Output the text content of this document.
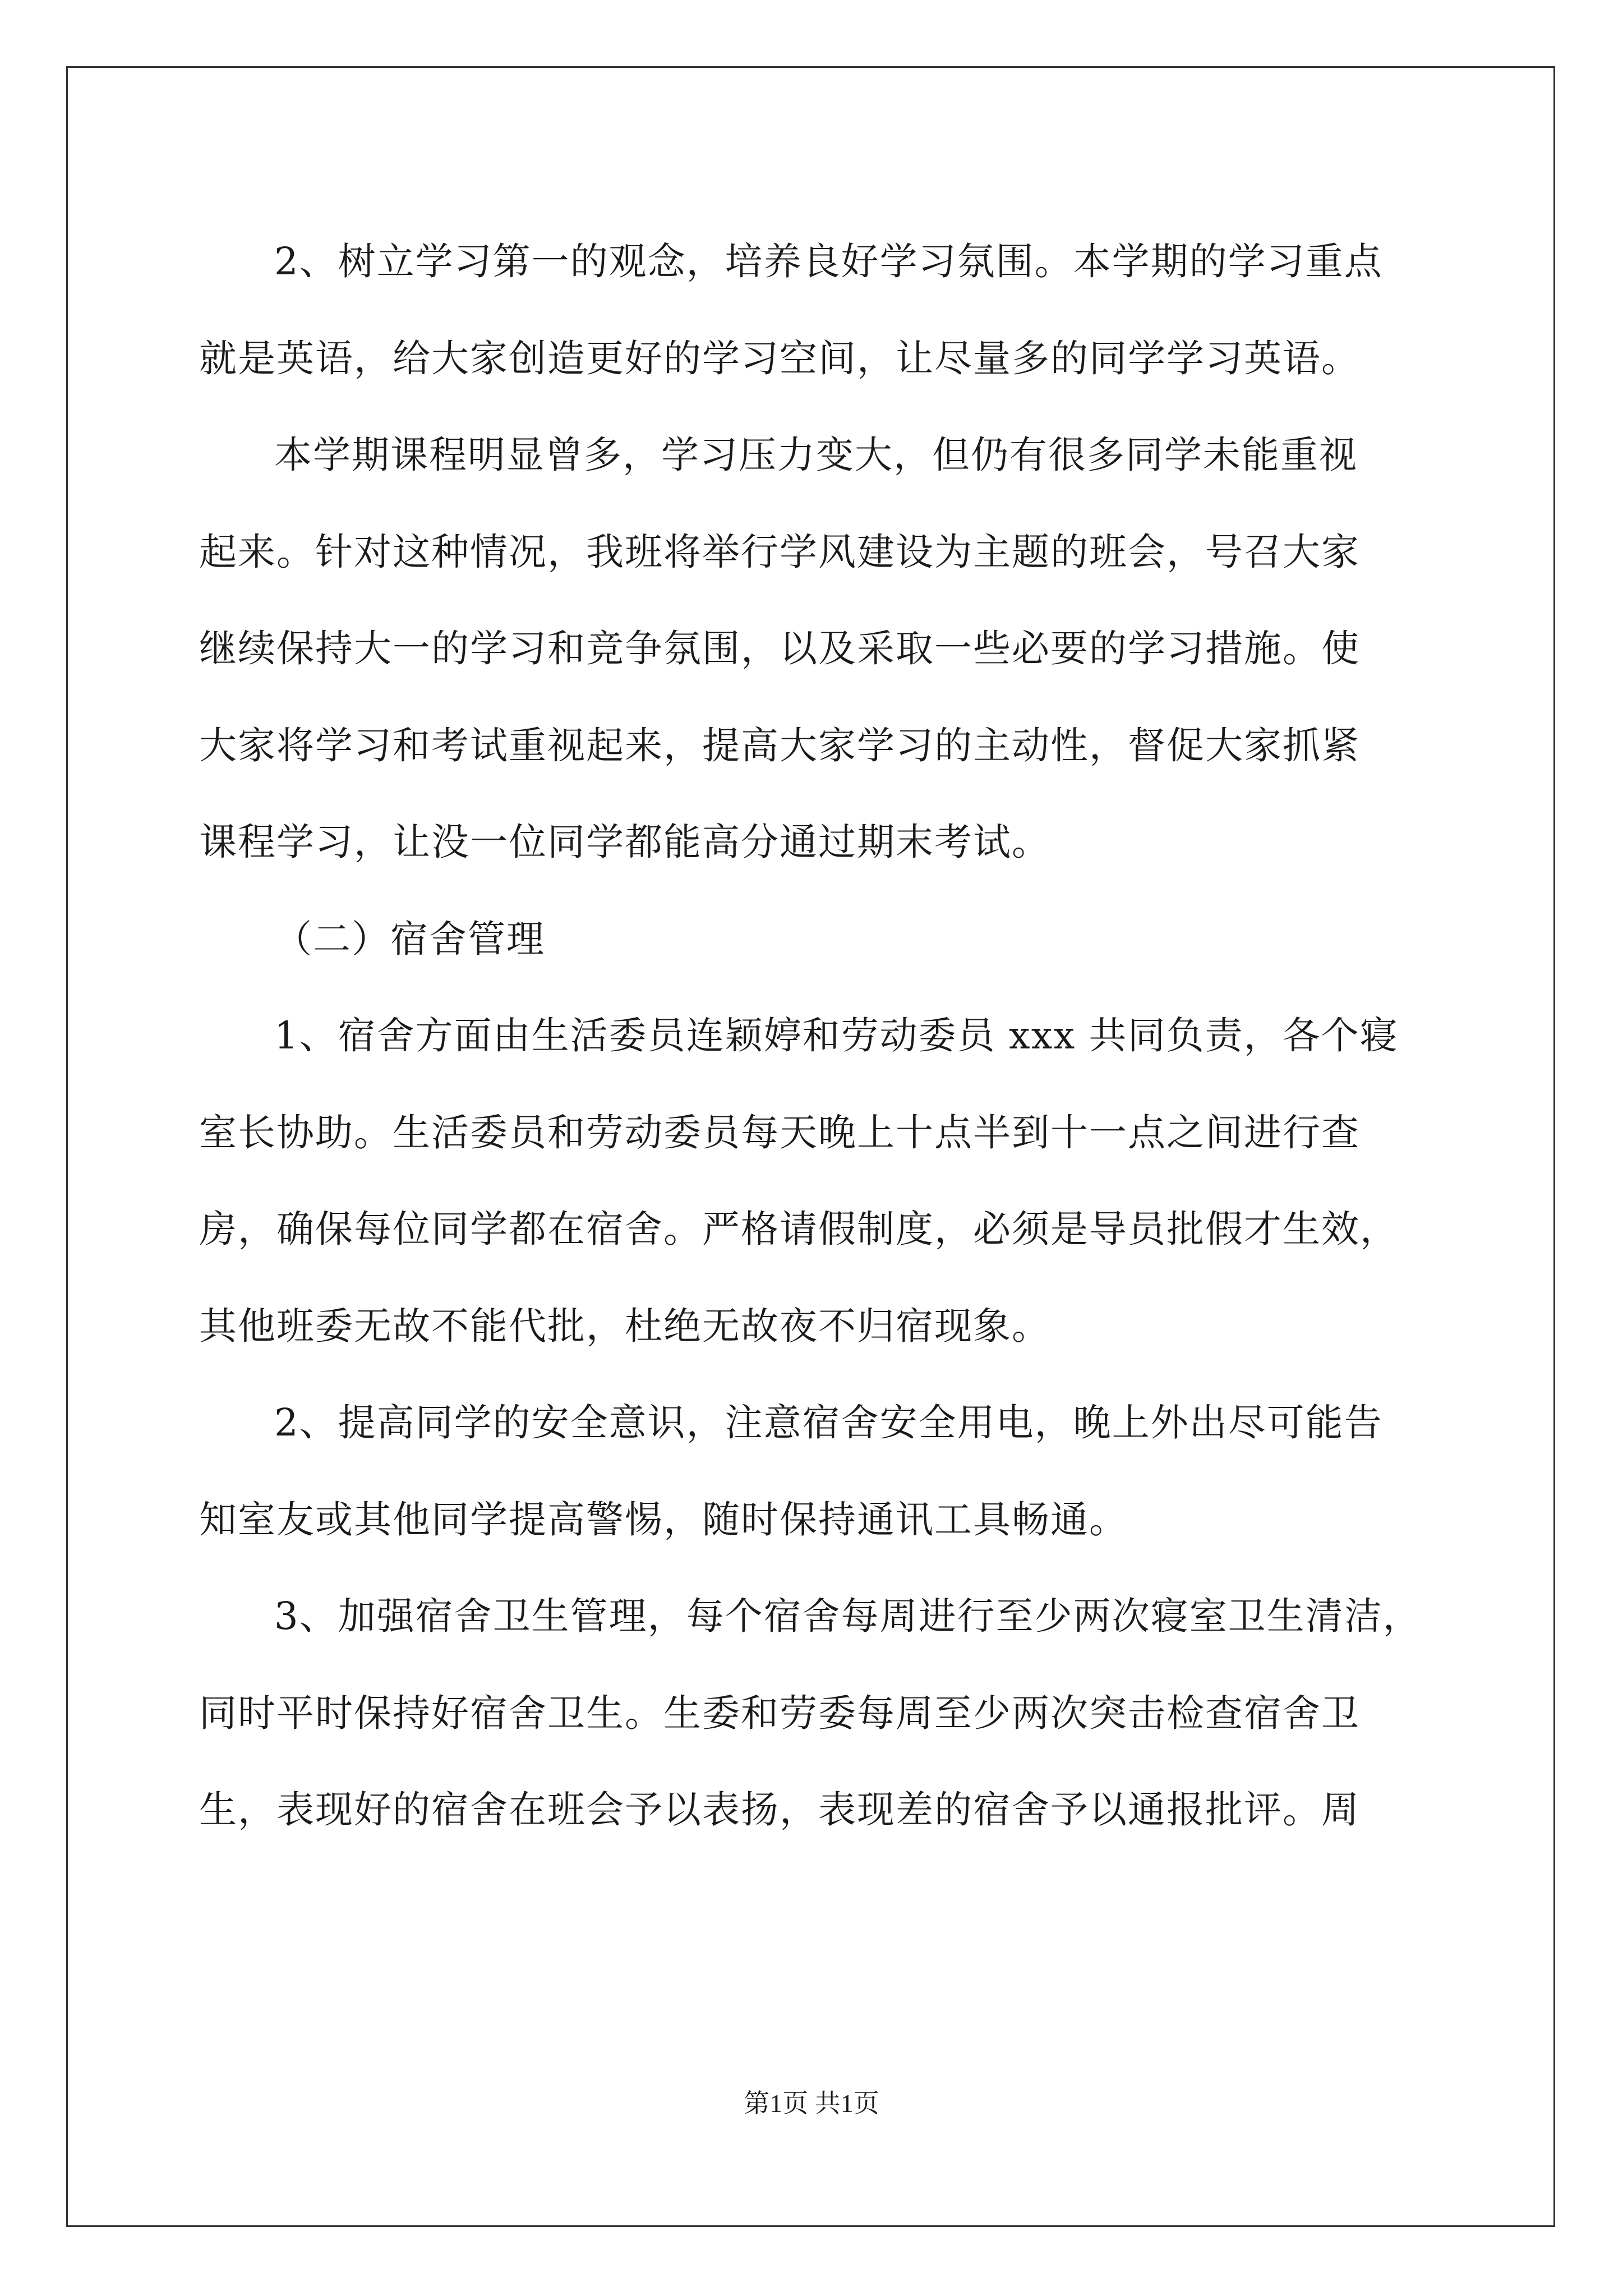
2、树立学习第一的观念，培养良好学习氛围。本学期的学习重点
就是英语，给大家创造更好的学习空间，让尽量多的同学学习英语。
本学期课程明显曾多，学习压力变大，但仍有很多同学未能重视
起来。针对这种情况，我班将举行学风建设为主题的班会，号召大家
继续保持大一的学习和竞争氛围，以及采取一些必要的学习措施。使
大家将学习和考试重视起来，提高大家学习的主动性，督促大家抓紧
课程学习，让没一位同学都能高分通过期末考试。
（二）宿舍管理
1、宿舍方面由生活委员连颖婷和劳动委员 xxx 共同负责，各个寝
室长协助。生活委员和劳动委员每天晚上十点半到十一点之间进行查
房，确保每位同学都在宿舍。严格请假制度，必须是导员批假才生效，
其他班委无故不能代批，杜绝无故夜不归宿现象。
2、提高同学的安全意识，注意宿舍安全用电，晚上外出尽可能告
知室友或其他同学提高警惕，随时保持通讯工具畅通。
3、加强宿舍卫生管理，每个宿舍每周进行至少两次寝室卫生清洁，
同时平时保持好宿舍卫生。生委和劳委每周至少两次突击检查宿舍卫
生，表现好的宿舍在班会予以表扬，表现差的宿舍予以通报批评。周
第1页 共1页
